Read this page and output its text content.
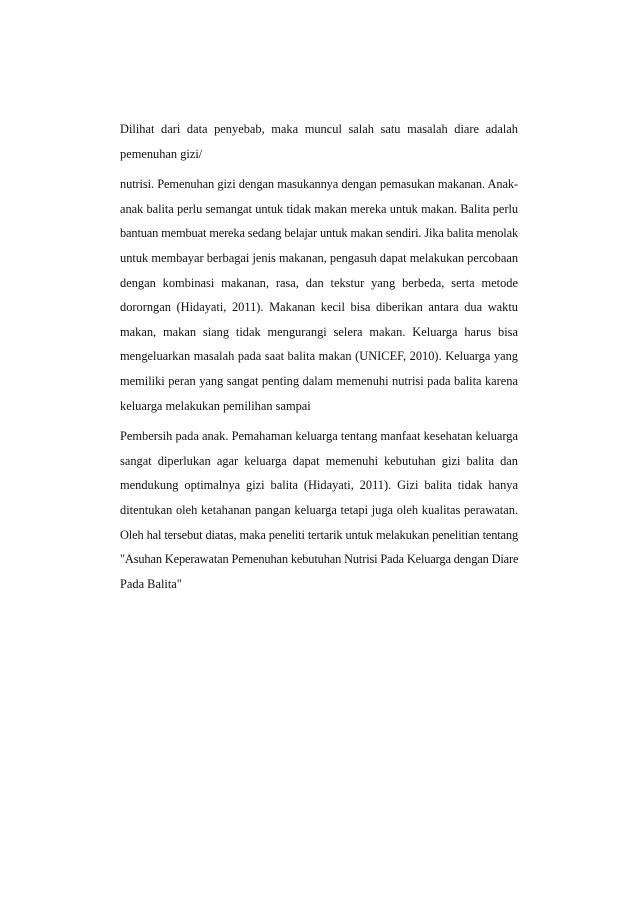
Dilihat dari data penyebab, maka muncul salah satu masalah diare adalah
pemenuhan gizi/

nutrisi. Pemenuhan gizi dengan masukannya dengan pemasukan makanan. Anak-
anak balita perlu semangat untuk tidak makan mereka untuk makan. Balita perlu
bantuan membuat mereka sedang belajar untuk makan sendiri. Jika balita menolak
untuk membayar berbagai jenis makanan, pengasuh dapat melakukan percobaan
dengan kombinasi makanan, rasa, dan tekstur yang berbeda, serta metode
dororngan (Hidayati, 2011). Makanan kecil bisa diberikan antara dua waktu
makan, makan siang tidak mengurangi selera makan. Keluarga harus bisa
mengeluarkan masalah pada saat balita makan (UNICEF, 2010). Keluarga yang
memiliki peran yang sangat penting dalam memenuhi nutrisi pada balita karena
keluarga melakukan pemilihan sampai

Pembersih pada anak. Pemahaman keluarga tentang manfaat kesehatan keluarga
sangat diperlukan agar keluarga dapat memenuhi kebutuhan gizi balita dan
mendukung optimalnya gizi balita (Hidayati, 2011). Gizi balita tidak hanya
ditentukan oleh ketahanan pangan keluarga tetapi juga oleh kualitas perawatan.
Oleh hal tersebut diatas, maka peneliti tertarik untuk melakukan penelitian tentang
"Asuhan Keperawatan Pemenuhan kebutuhan Nutrisi Pada Keluarga dengan Diare
Pada Balita"
